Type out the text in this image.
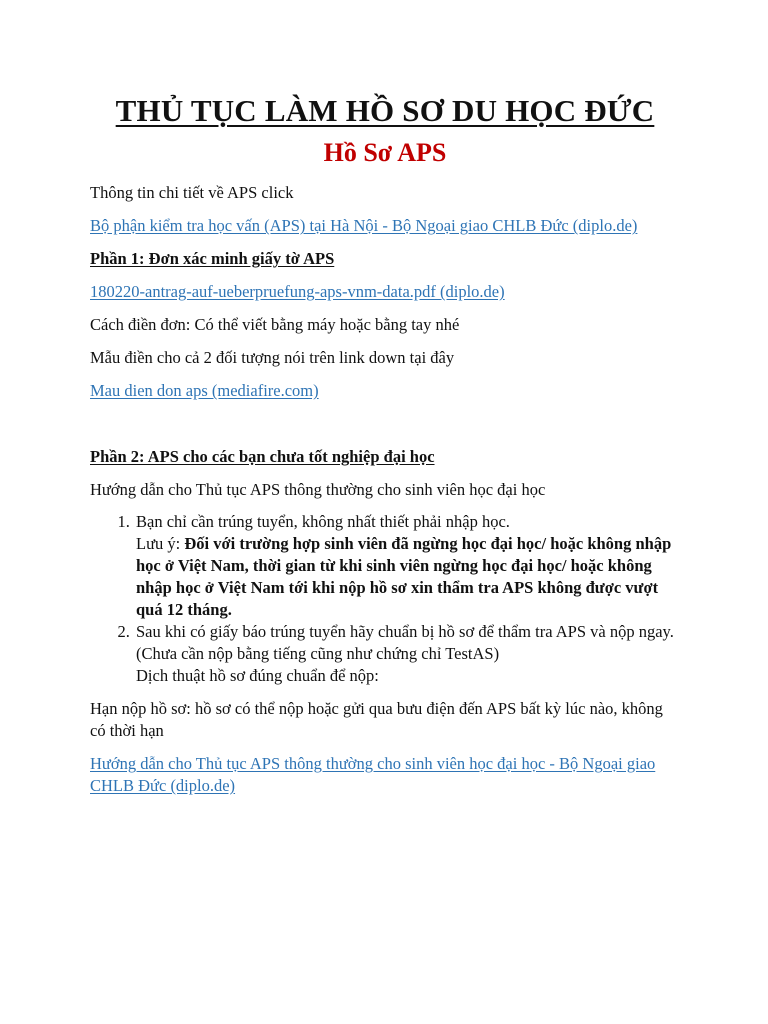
THỦ TỤC LÀM HỒ SƠ DU HỌC ĐỨC
Hồ Sơ APS

Thông tin chi tiết về APS click

Bộ phận kiểm tra học vấn (APS) tại Hà Nội - Bộ Ngoại giao CHLB Đức (diplo.de)

Phần 1: Đơn xác minh giấy tờ APS

180220-antrag-auf-ueberpruefung-aps-vnm-data.pdf (diplo.de)

Cách điền đơn: Có thể viết bằng máy hoặc bằng tay nhé

Mẫu điền cho cả 2 đối tượng nói trên link down tại đây

Mau dien don aps (mediafire.com)

Phần 2: APS cho các bạn chưa tốt nghiệp đại học

Hướng dẫn cho Thủ tục APS thông thường cho sinh viên học đại học

1. Bạn chỉ cần trúng tuyển, không nhất thiết phải nhập học.
Lưu ý: Đối với trường hợp sinh viên đã ngừng học đại học/ hoặc không nhập học ở Việt Nam, thời gian từ khi sinh viên ngừng học đại học/ hoặc không nhập học ở Việt Nam tới khi nộp hồ sơ xin thẩm tra APS không được vượt quá 12 tháng.
2. Sau khi có giấy báo trúng tuyển hãy chuẩn bị hồ sơ để thẩm tra APS và nộp ngay. (Chưa cần nộp bằng tiếng cũng như chứng chỉ TestAS)
Dịch thuật hồ sơ đúng chuẩn để nộp:

Hạn nộp hồ sơ: hồ sơ có thể nộp hoặc gửi qua bưu điện đến APS bất kỳ lúc nào, không có thời hạn

Hướng dẫn cho Thủ tục APS thông thường cho sinh viên học đại học - Bộ Ngoại giao CHLB Đức (diplo.de)
